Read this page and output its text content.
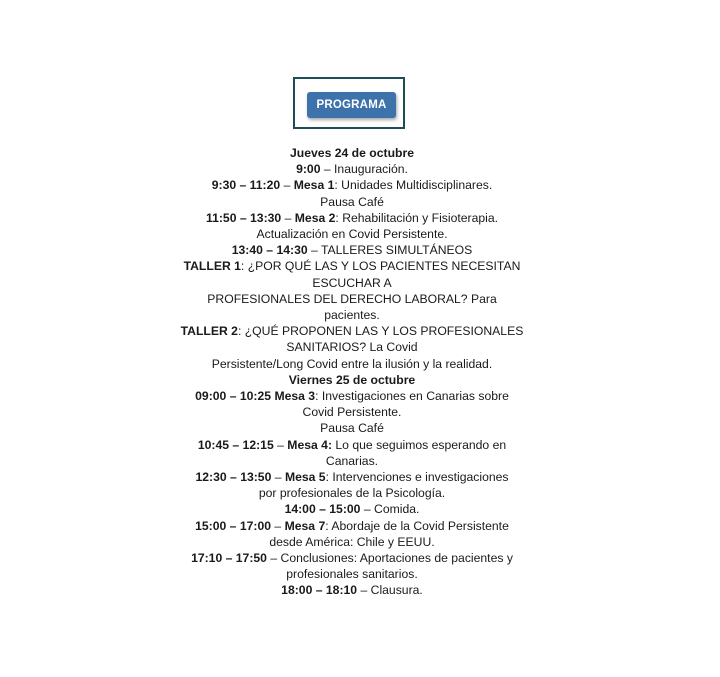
PROGRAMA
Jueves 24 de octubre
9:00 – Inauguración.
9:30 – 11:20 – Mesa 1: Unidades Multidisciplinares.
Pausa Café
11:50 – 13:30 – Mesa 2: Rehabilitación y Fisioterapia.
Actualización en Covid Persistente.
13:40 – 14:30 – TALLERES SIMULTÁNEOS
TALLER 1: ¿POR QUÉ LAS Y LOS PACIENTES NECESITAN
ESCUCHAR A
PROFESIONALES DEL DERECHO LABORAL? Para
pacientes.
TALLER 2: ¿QUÉ PROPONEN LAS Y LOS PROFESIONALES
SANITARIOS? La Covid
Persistente/Long Covid entre la ilusión y la realidad.
Viernes 25 de octubre
09:00 – 10:25 Mesa 3: Investigaciones en Canarias sobre
Covid Persistente.
Pausa Café
10:45 – 12:15 – Mesa 4: Lo que seguimos esperando en
Canarias.
12:30 – 13:50 – Mesa 5: Intervenciones e investigaciones
por profesionales de la Psicología.
14:00 – 15:00 – Comida.
15:00 – 17:00 – Mesa 7: Abordaje de la Covid Persistente
desde América: Chile y EEUU.
17:10 – 17:50 – Conclusiones: Aportaciones de pacientes y
profesionales sanitarios.
18:00 – 18:10 – Clausura.
